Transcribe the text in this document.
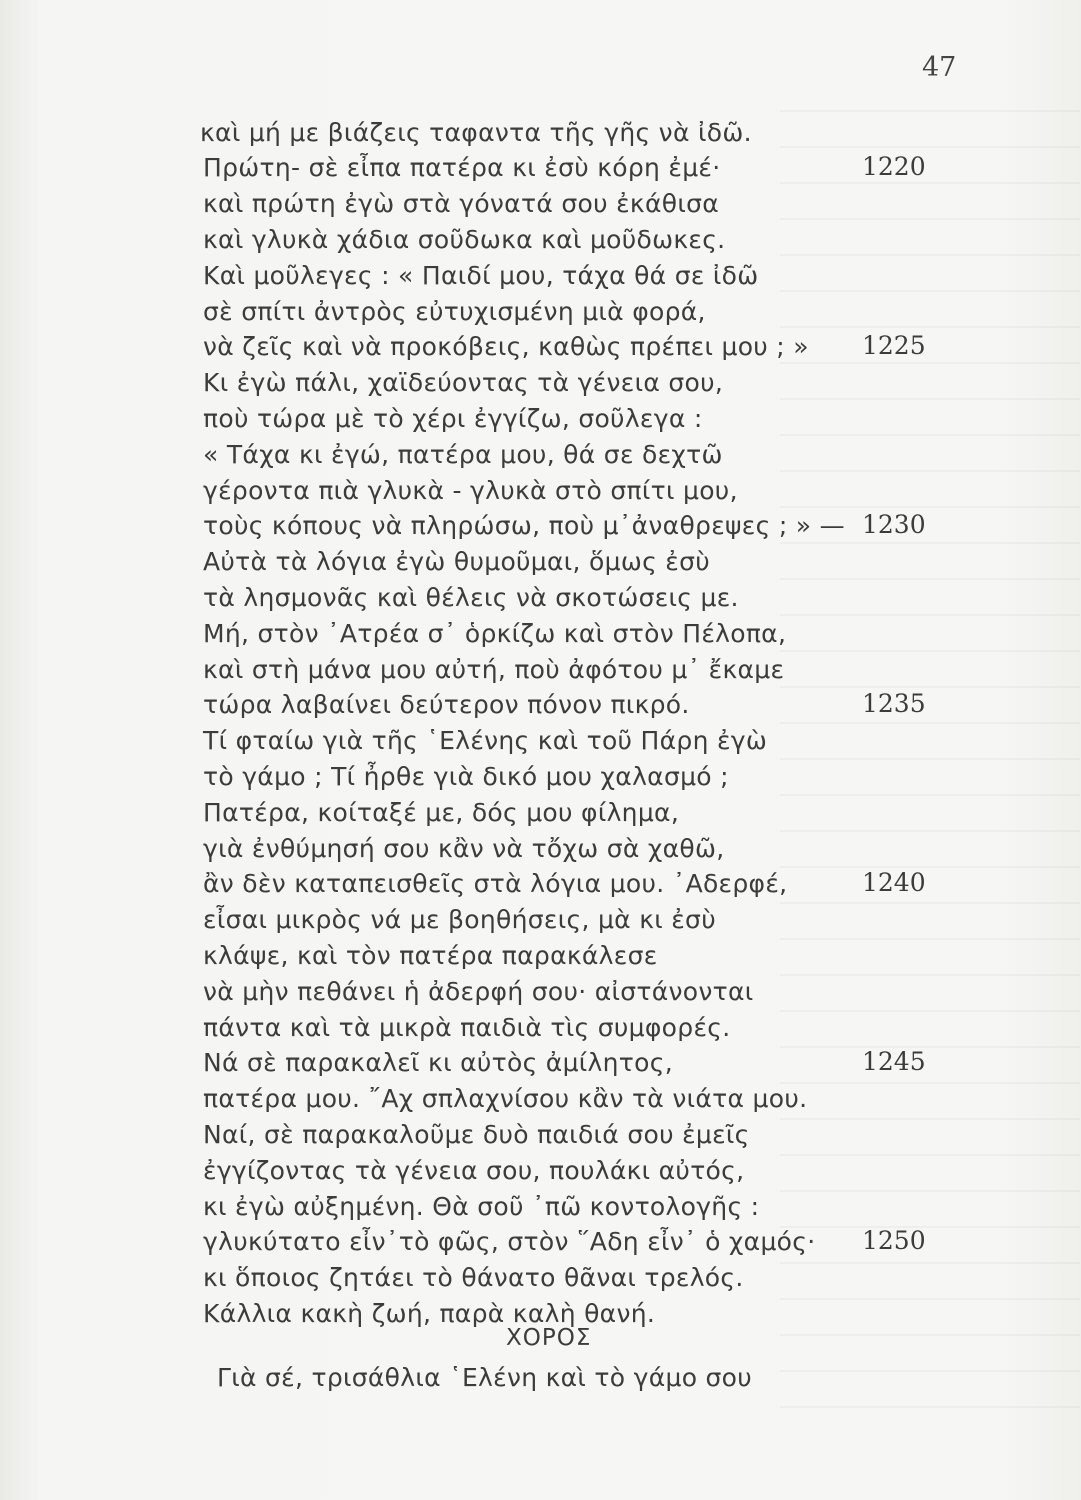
47
καὶ μή με βιάζεις ταφαντα τῆς γῆς νὰ ἰδῶ.
Πρώτη- σὲ εἶπα πατέρα κι ἐσὺ κόρη ἐμέ·
καὶ πρώτη ἐγὼ στὰ γόνατά σου ἐκάθισα
καὶ γλυκὰ χάδια σοῦδωκα καὶ μοῦδωκες.
Καὶ μοῦλεγες : « Παιδί μου, τάχα θά σε ἰδῶ
σὲ σπίτι ἀντρὸς εὐτυχισμένη μιὰ φορά,
νὰ ζεῖς καὶ νὰ προκόβεις, καθὼς πρέπει μου ; »
Κι ἐγὼ πάλι, χαϊδεύοντας τὰ γένεια σου,
ποὺ τώρα μὲ τὸ χέρι ἐγγίζω, σοῦλεγα :
« Τάχα κι ἐγώ, πατέρα μου, θά σε δεχτῶ
γέροντα πιὰ γλυκὰ - γλυκὰ στὸ σπίτι μου,
τοὺς κόπους νὰ πληρώσω, ποὺ μ᾽ἀναθρεψες ; » —
Αὐτὰ τὰ λόγια ἐγὼ θυμοῦμαι, ὅμως ἐσὺ
τὰ λησμονᾶς καὶ θέλεις νὰ σκοτώσεις με.
Μή, στὸν ᾽Ατρέα σ᾽ ὁρκίζω καὶ στὸν Πέλοπα,
καὶ στὴ μάνα μου αὐτή, ποὺ ἀφότου μ᾽ ἔκαμε
τώρα λαβαίνει δεύτερον πόνον πικρό.
Τί φταίω γιὰ τῆς ῾Ελένης καὶ τοῦ Πάρη ἐγὼ
τὸ γάμο ; Τί ἦρθε γιὰ δικό μου χαλασμό ;
Πατέρα, κοίταξέ με, δός μου φίλημα,
γιὰ ἐνθύμησή σου κἂν νὰ τὄχω σὰ χαθῶ,
ἂν δὲν καταπεισθεῖς στὰ λόγια μου. ᾽Αδερφέ,
εἶσαι μικρὸς νά με βοηθήσεις, μὰ κι ἐσὺ
κλάψε, καὶ τὸν πατέρα παρακάλεσε
νὰ μὴν πεθάνει ἡ ἀδερφή σου· αἰστάνονται
πάντα καὶ τὰ μικρὰ παιδιὰ τὶς συμφορές.
Νά σὲ παρακαλεῖ κι αὐτὸς ἀμίλητος,
πατέρα μου. ῎Αχ σπλαχνίσου κἂν τὰ νιάτα μου.
Ναί, σὲ παρακαλοῦμε δυὸ παιδιά σου ἐμεῖς
ἐγγίζοντας τὰ γένεια σου, πουλάκι αὐτός,
κι ἐγὼ αὐξημένη. Θὰ σοῦ ᾽πῶ κοντολογῆς :
γλυκύτατο εἶν᾽τὸ φῶς, στὸν ῞Αδη εἶν᾽ ὁ χαμός·
κι ὅποιος ζητάει τὸ θάνατο θᾶναι τρελός.
Κάλλια κακὴ ζωή, παρὰ καλὴ θανή.
1220
1225
1230
1235
1240
1245
1250
ΧΟΡΟΣ
Γιὰ σέ, τρισάθλια ῾Ελένη καὶ τὸ γάμο σου
